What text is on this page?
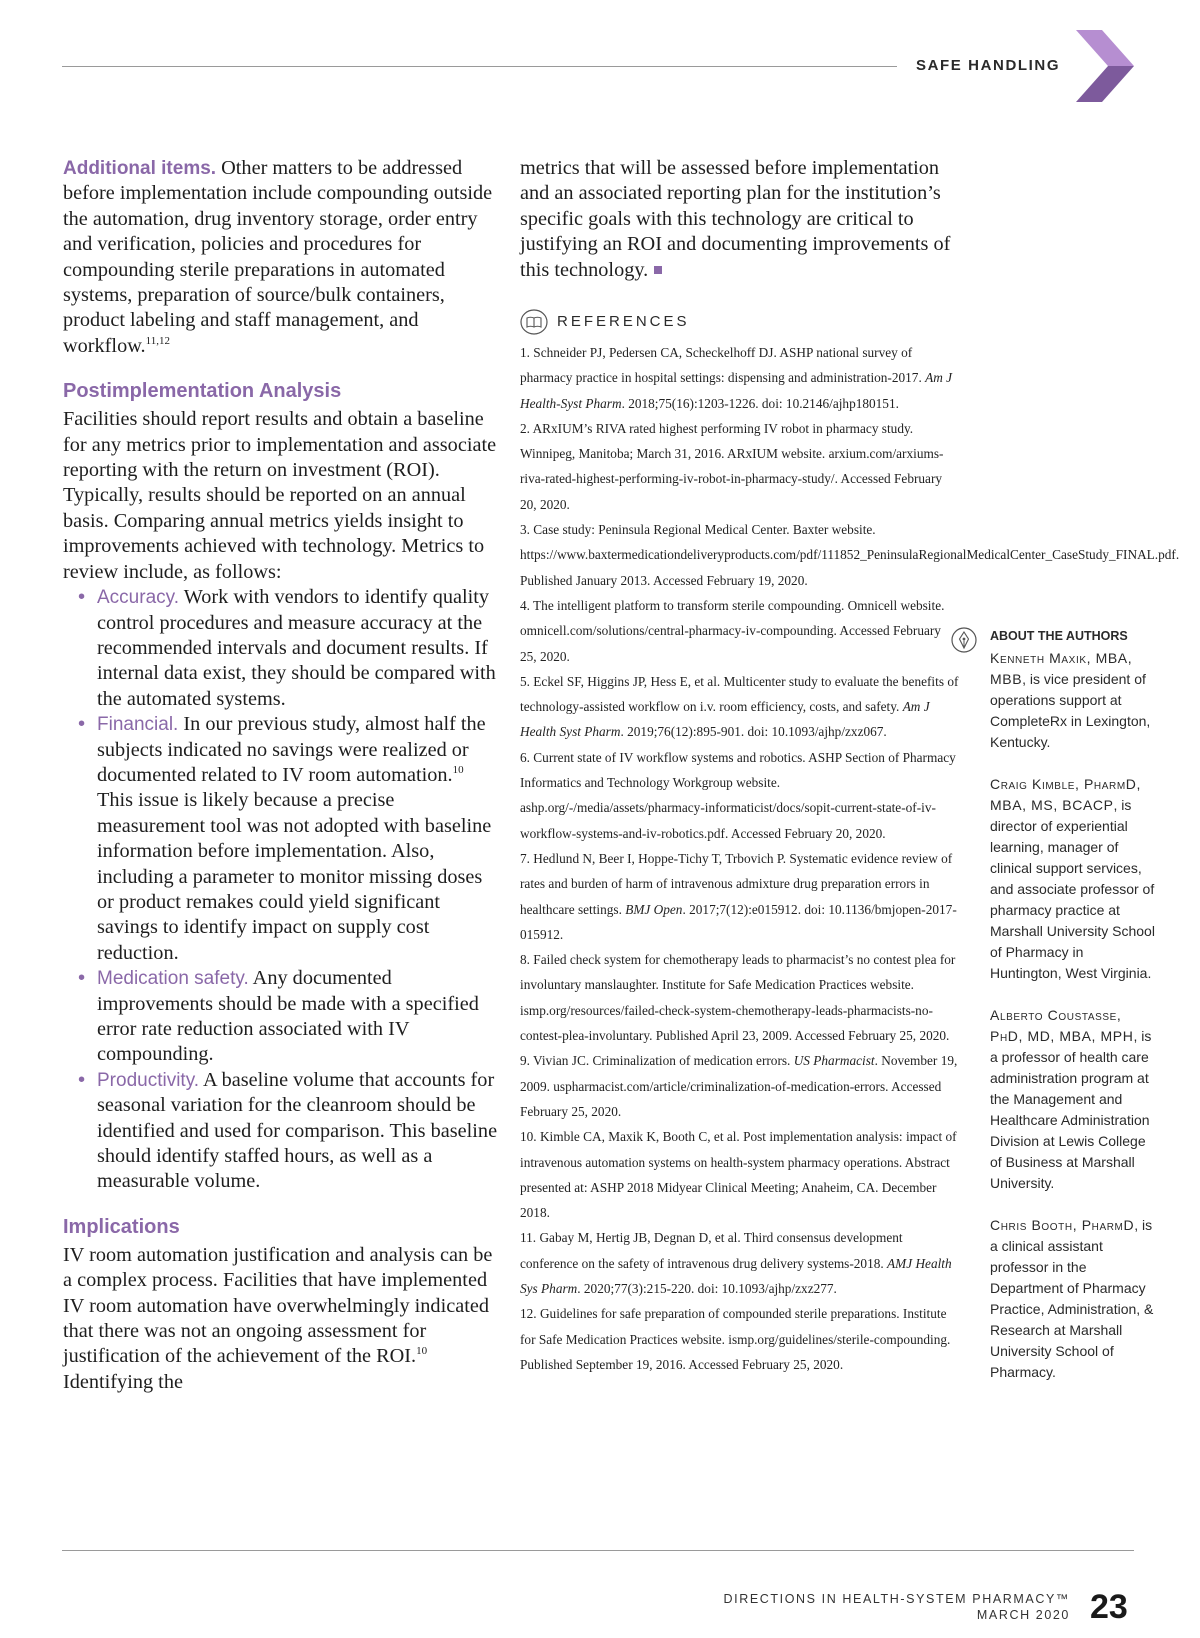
SAFE HANDLING

Additional items. Other matters to be addressed before implementation include compounding outside the automation, drug inventory storage, order entry and verification, policies and procedures for compounding sterile preparations in automated systems, preparation of source/bulk containers, product labeling and staff management, and workflow.$^{11,12}$

Postimplementation Analysis

Facilities should report results and obtain a baseline for any metrics prior to implementation and associate reporting with the return on investment (ROI). Typically, results should be reported on an annual basis. Comparing annual metrics yields insight to improvements achieved with technology. Metrics to review include, as follows:

• Accuracy. Work with vendors to identify quality control procedures and measure accuracy at the recommended intervals and document results. If internal data exist, they should be compared with the automated systems.
• Financial. In our previous study, almost half the subjects indicated no savings were realized or documented related to IV room automation.$^{10}$ This issue is likely because a precise measurement tool was not adopted with baseline information before implementation. Also, including a parameter to monitor missing doses or product remakes could yield significant savings to identify impact on supply cost reduction.
• Medication safety. Any documented improvements should be made with a specified error rate reduction associated with IV compounding.
• Productivity. A baseline volume that accounts for seasonal variation for the cleanroom should be identified and used for comparison. This baseline should identify staffed hours, as well as a measurable volume.
Implications

IV room automation justification and analysis can be a complex process. Facilities that have implemented IV room automation have overwhelmingly indicated that there was not an ongoing assessment for justification of the achievement of the ROI.$^{10}$ Identifying the

metrics that will be assessed before implementation and an associated reporting plan for the institution’s specific goals with this technology are critical to justifying an ROI and documenting improvements of this technology.
REFERENCES
1. Schneider PJ, Pedersen CA, Scheckelhoff DJ. ASHP national survey of pharmacy practice in hospital settings: dispensing and administration-2017. Am J Health-Syst Pharm. 2018;75(16):1203-1226. doi: 10.2146/ajhp180151.
2. ARxIUM’s RIVA rated highest performing IV robot in pharmacy study. Winnipeg, Manitoba; March 31, 2016. ARxIUM website. arxium.com/arxiums-riva-rated-highest-performing-iv-robot-in-pharmacy-study/. Accessed February 20, 2020.
3. Case study: Peninsula Regional Medical Center. Baxter website. https://www.baxtermedicationdeliveryproducts.com/pdf/111852_PeninsulaRegionalMedicalCenter_CaseStudy_FINAL.pdf. Published January 2013. Accessed February 19, 2020.
4. The intelligent platform to transform sterile compounding. Omnicell website. omnicell.com/solutions/central-pharmacy-iv-compounding. Accessed February 25, 2020.
5. Eckel SF, Higgins JP, Hess E, et al. Multicenter study to evaluate the benefits of technology-assisted workflow on i.v. room efficiency, costs, and safety. Am J Health Syst Pharm. 2019;76(12):895-901. doi: 10.1093/ajhp/zxz067.
6. Current state of IV workflow systems and robotics. ASHP Section of Pharmacy Informatics and Technology Workgroup website. ashp.org/-/media/assets/pharmacy-informaticist/docs/sopit-current-state-of-iv-workflow-systems-and-iv-robotics.pdf. Accessed February 20, 2020.
7. Hedlund N, Beer I, Hoppe-Tichy T, Trbovich P. Systematic evidence review of rates and burden of harm of intravenous admixture drug preparation errors in healthcare settings. BMJ Open. 2017;7(12):e015912. doi: 10.1136/bmjopen-2017-015912.
8. Failed check system for chemotherapy leads to pharmacist’s no contest plea for involuntary manslaughter. Institute for Safe Medication Practices website. ismp.org/resources/failed-check-system-chemotherapy-leads-pharmacists-no-contest-plea-involuntary. Published April 23, 2009. Accessed February 25, 2020.
9. Vivian JC. Criminalization of medication errors. US Pharmacist. November 19, 2009. uspharmacist.com/article/criminalization-of-medication-errors. Accessed February 25, 2020.
10. Kimble CA, Maxik K, Booth C, et al. Post implementation analysis: impact of intravenous automation systems on health-system pharmacy operations. Abstract presented at: ASHP 2018 Midyear Clinical Meeting; Anaheim, CA. December 2018.
11. Gabay M, Hertig JB, Degnan D, et al. Third consensus development conference on the safety of intravenous drug delivery systems-2018. AMJ Health Sys Pharm. 2020;77(3):215-220. doi: 10.1093/ajhp/zxz277.
12. Guidelines for safe preparation of compounded sterile preparations. Institute for Safe Medication Practices website. ismp.org/guidelines/sterile-compounding. Published September 19, 2016. Accessed February 25, 2020.
ABOUT THE AUTHORS
Kenneth Maxik, MBA, MBB, is vice president of operations support at CompleteRx in Lexington, Kentucky.
Craig Kimble, PharmD, MBA, MS, BCACP, is director of experiential learning, manager of clinical support services, and associate professor of pharmacy practice at Marshall University School of Pharmacy in Huntington, West Virginia.
Alberto Coustasse, PhD, MD, MBA, MPH, is a professor of health care administration program at the Management and Healthcare Administration Division at Lewis College of Business at Marshall University.
Chris Booth, PharmD, is a clinical assistant professor in the Department of Pharmacy Practice, Administration, & Research at Marshall University School of Pharmacy.
DIRECTIONS IN HEALTH-SYSTEM PHARMACY™
MARCH 2020 23
